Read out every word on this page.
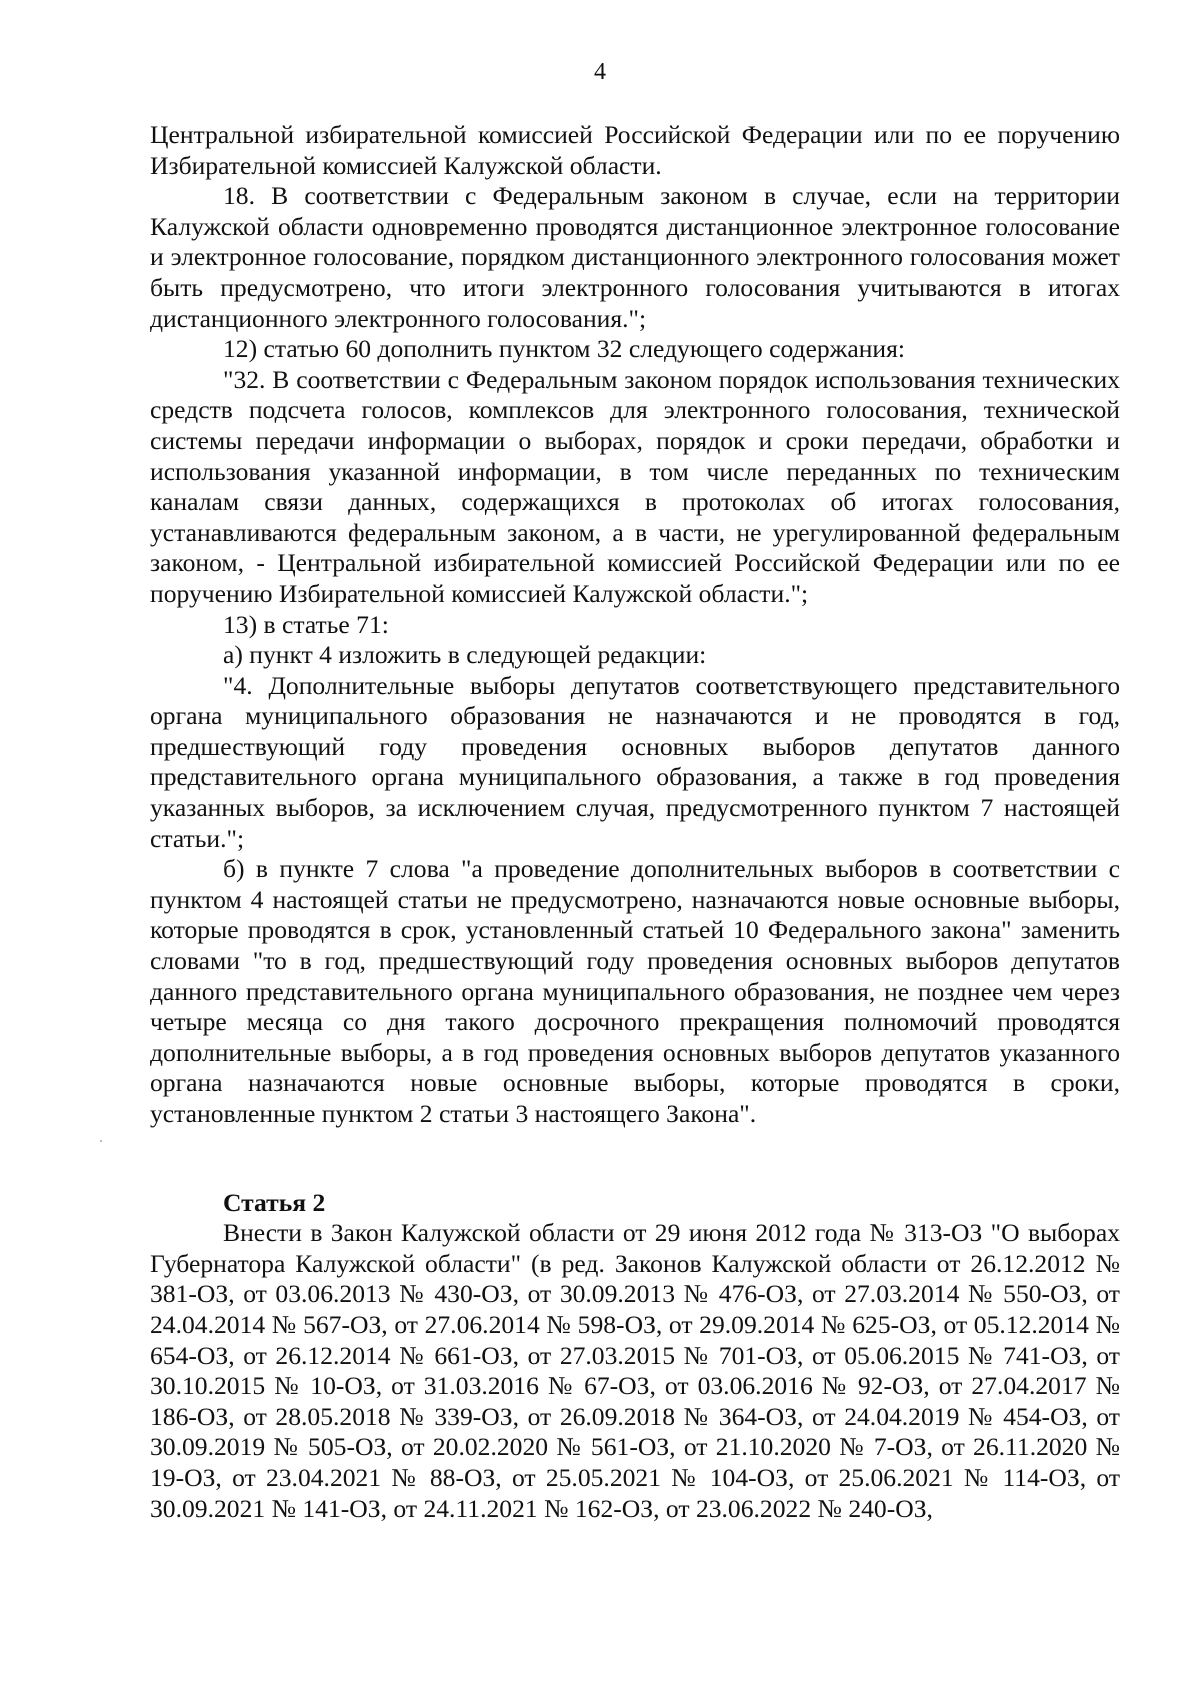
4

Центральной избирательной комиссией Российской Федерации или по ее поручению Избирательной комиссией Калужской области.

18. В соответствии с Федеральным законом в случае, если на территории Калужской области одновременно проводятся дистанционное электронное голосование и электронное голосование, порядком дистанционного электронного голосования может быть предусмотрено, что итоги электронного голосования учитываются в итогах дистанционного электронного голосования.";

12) статью 60 дополнить пунктом 32 следующего содержания:

"32. В соответствии с Федеральным законом порядок использования технических средств подсчета голосов, комплексов для электронного голосования, технической системы передачи информации о выборах, порядок и сроки передачи, обработки и использования указанной информации, в том числе переданных по техническим каналам связи данных, содержащихся в протоколах об итогах голосования, устанавливаются федеральным законом, а в части, не урегулированной федеральным законом, - Центральной избирательной комиссией Российской Федерации или по ее поручению Избирательной комиссией Калужской области.";

13) в статье 71:

а) пункт 4 изложить в следующей редакции:

"4. Дополнительные выборы депутатов соответствующего представительного органа муниципального образования не назначаются и не проводятся в год, предшествующий году проведения основных выборов депутатов данного представительного органа муниципального образования, а также в год проведения указанных выборов, за исключением случая, предусмотренного пунктом 7 настоящей статьи.";

б) в пункте 7 слова "а проведение дополнительных выборов в соответствии с пунктом 4 настоящей статьи не предусмотрено, назначаются новые основные выборы, которые проводятся в срок, установленный статьей 10 Федерального закона" заменить словами "то в год, предшествующий году проведения основных выборов депутатов данного представительного органа муниципального образования, не позднее чем через четыре месяца со дня такого досрочного прекращения полномочий проводятся дополнительные выборы, а в год проведения основных выборов депутатов указанного органа назначаются новые основные выборы, которые проводятся в сроки, установленные пунктом 2 статьи 3 настоящего Закона".

Статья 2

Внести в Закон Калужской области от 29 июня 2012 года № 313-ОЗ "О выборах Губернатора Калужской области" (в ред. Законов Калужской области от 26.12.2012 № 381-ОЗ, от 03.06.2013 № 430-ОЗ, от 30.09.2013 № 476-ОЗ, от 27.03.2014 № 550-ОЗ, от 24.04.2014 № 567-ОЗ, от 27.06.2014 № 598-ОЗ, от 29.09.2014 № 625-ОЗ, от 05.12.2014 № 654-ОЗ, от 26.12.2014 № 661-ОЗ, от 27.03.2015 № 701-ОЗ, от 05.06.2015 № 741-ОЗ, от 30.10.2015 № 10-ОЗ, от 31.03.2016 № 67-ОЗ, от 03.06.2016 № 92-ОЗ, от 27.04.2017 № 186-ОЗ, от 28.05.2018 № 339-ОЗ, от 26.09.2018 № 364-ОЗ, от 24.04.2019 № 454-ОЗ, от 30.09.2019 № 505-ОЗ, от 20.02.2020 № 561-ОЗ, от 21.10.2020 № 7-ОЗ, от 26.11.2020 № 19-ОЗ, от 23.04.2021 № 88-ОЗ, от 25.05.2021 № 104-ОЗ, от 25.06.2021 № 114-ОЗ, от 30.09.2021 № 141-ОЗ, от 24.11.2021 № 162-ОЗ, от 23.06.2022 № 240-ОЗ,
